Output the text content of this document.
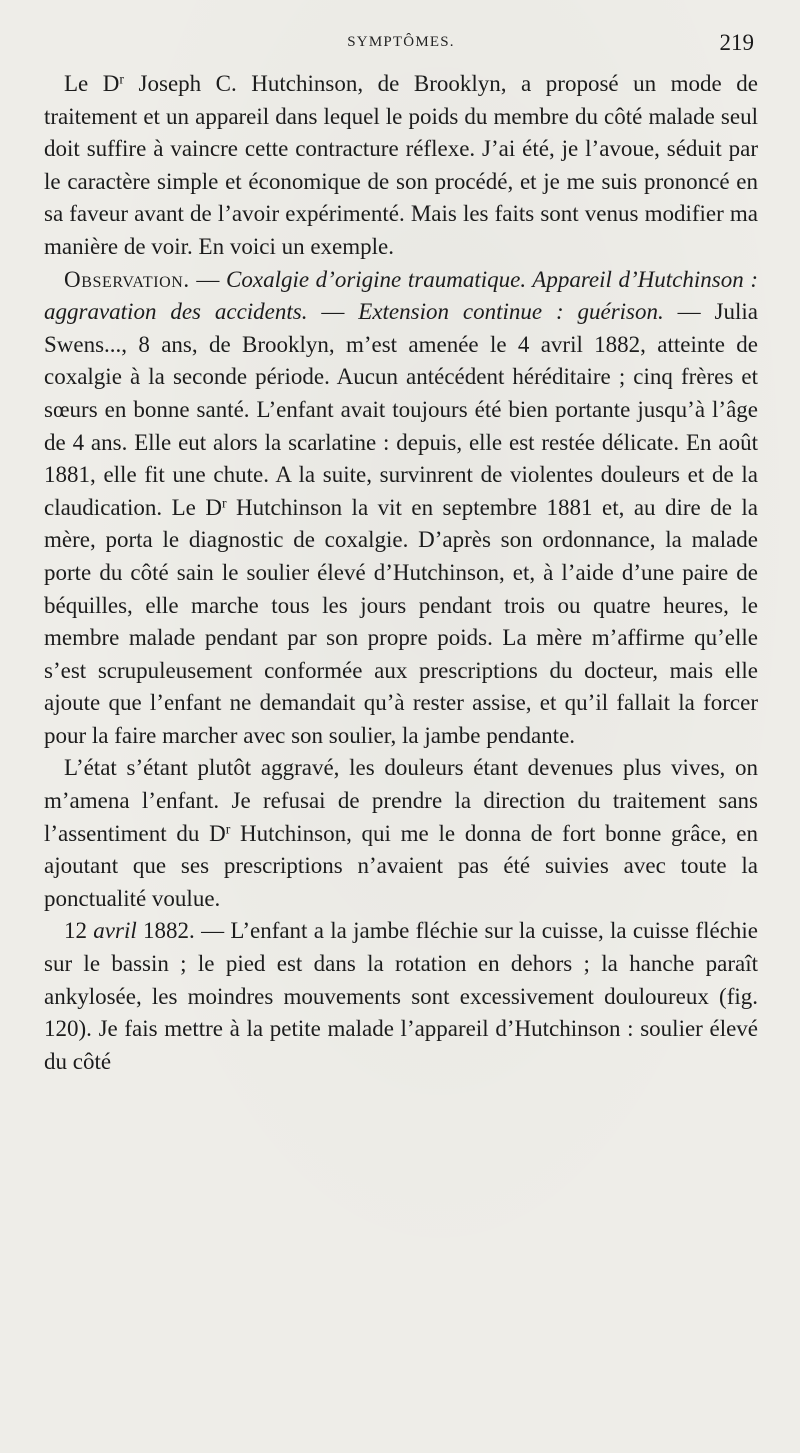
SYMPTÔMES.	219

Le $D^r$ Joseph C. Hutchinson, de Brooklyn, a proposé un mode de traitement et un appareil dans lequel le poids du membre du côté malade seul doit suffire à vaincre cette contracture réflexe. J’ai été, je l’avoue, séduit par le caractère simple et économique de son procédé, et je me suis prononcé en sa faveur avant de l’avoir expérimenté. Mais les faits sont venus modifier ma manière de voir. En voici un exemple.

Observation. — Coxalgie d’origine traumatique. Appareil d’Hutchinson : aggravation des accidents. — Extension continue : guérison. — Julia Swens..., 8 ans, de Brooklyn, m’est amenée le 4 avril 1882, atteinte de coxalgie à la seconde période. Aucun antécédent héréditaire ; cinq frères et sœurs en bonne santé. L’enfant avait toujours été bien portante jusqu’à l’âge de 4 ans. Elle eut alors la scarlatine : depuis, elle est restée délicate. En août 1881, elle fit une chute. A la suite, survinrent de violentes douleurs et de la claudication. Le $D^r$ Hutchinson la vit en septembre 1881 et, au dire de la mère, porta le diagnostic de coxalgie. D’après son ordonnance, la malade porte du côté sain le soulier élevé d’Hutchinson, et, à l’aide d’une paire de béquilles, elle marche tous les jours pendant trois ou quatre heures, le membre malade pendant par son propre poids. La mère m’affirme qu’elle s’est scrupuleusement conformée aux prescriptions du docteur, mais elle ajoute que l’enfant ne demandait qu’à rester assise, et qu’il fallait la forcer pour la faire marcher avec son soulier, la jambe pendante.

L’état s’étant plutôt aggravé, les douleurs étant devenues plus vives, on m’amena l’enfant. Je refusai de prendre la direction du traitement sans l’assentiment du $D^r$ Hutchinson, qui me le donna de fort bonne grâce, en ajoutant que ses prescriptions n’avaient pas été suivies avec toute la ponctualité voulue.

12 avril 1882. — L’enfant a la jambe fléchie sur la cuisse, la cuisse fléchie sur le bassin ; le pied est dans la rotation en dehors ; la hanche paraît ankylosée, les moindres mouvements sont excessivement douloureux (fig. 120). Je fais mettre à la petite malade l’appareil d’Hutchinson : soulier élevé du côté
